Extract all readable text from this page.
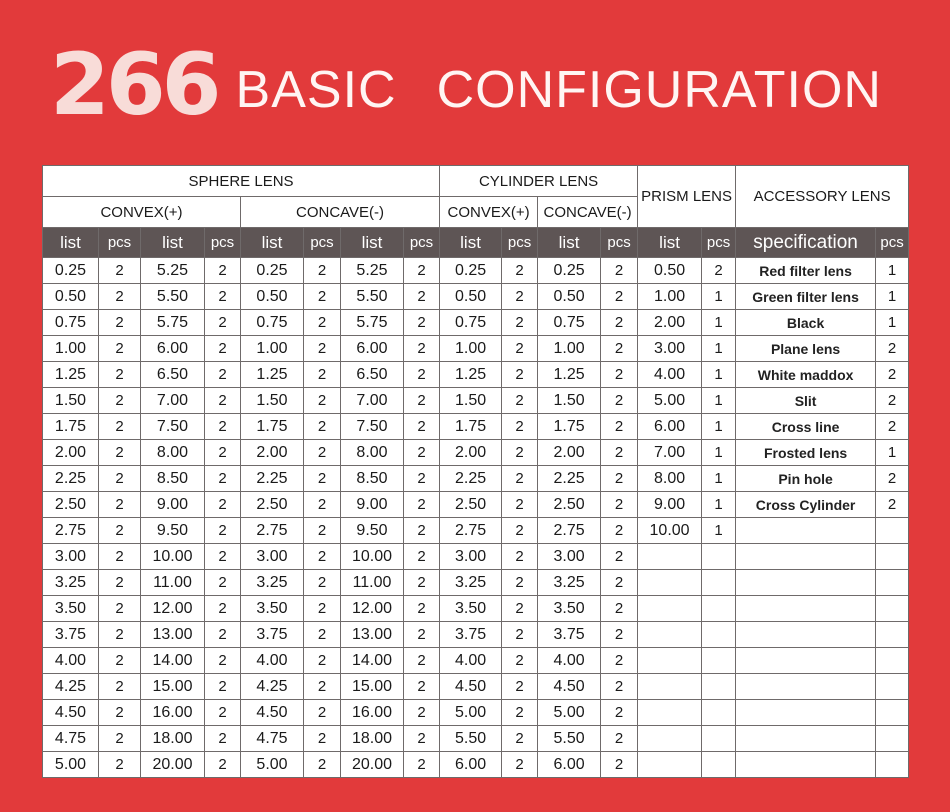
266 BASIC CONFIGURATION
SPHERE LENS								CYLINDER LENS				PRISM LENS		ACCESSORY LENS	
CONVEX(+)				CONCAVE(-)				CONVEX(+)		CONCAVE(-)					
list	pcs	list	pcs	list	pcs	list	pcs	list	pcs	list	pcs	list	pcs	specification	pcs
0.25	2	5.25	2	0.25	2	5.25	2	0.25	2	0.25	2	0.50	2	Red filter lens	1
0.50	2	5.50	2	0.50	2	5.50	2	0.50	2	0.50	2	1.00	1	Green filter lens	1
0.75	2	5.75	2	0.75	2	5.75	2	0.75	2	0.75	2	2.00	1	Black	1
1.00	2	6.00	2	1.00	2	6.00	2	1.00	2	1.00	2	3.00	1	Plane lens	2
1.25	2	6.50	2	1.25	2	6.50	2	1.25	2	1.25	2	4.00	1	White maddox	2
1.50	2	7.00	2	1.50	2	7.00	2	1.50	2	1.50	2	5.00	1	Slit	2
1.75	2	7.50	2	1.75	2	7.50	2	1.75	2	1.75	2	6.00	1	Cross line	2
2.00	2	8.00	2	2.00	2	8.00	2	2.00	2	2.00	2	7.00	1	Frosted lens	1
2.25	2	8.50	2	2.25	2	8.50	2	2.25	2	2.25	2	8.00	1	Pin hole	2
2.50	2	9.00	2	2.50	2	9.00	2	2.50	2	2.50	2	9.00	1	Cross Cylinder	2
2.75	2	9.50	2	2.75	2	9.50	2	2.75	2	2.75	2	10.00	1		
3.00	2	10.00	2	3.00	2	10.00	2	3.00	2	3.00	2				
3.25	2	11.00	2	3.25	2	11.00	2	3.25	2	3.25	2				
3.50	2	12.00	2	3.50	2	12.00	2	3.50	2	3.50	2				
3.75	2	13.00	2	3.75	2	13.00	2	3.75	2	3.75	2				
4.00	2	14.00	2	4.00	2	14.00	2	4.00	2	4.00	2				
4.25	2	15.00	2	4.25	2	15.00	2	4.50	2	4.50	2				
4.50	2	16.00	2	4.50	2	16.00	2	5.00	2	5.00	2				
4.75	2	18.00	2	4.75	2	18.00	2	5.50	2	5.50	2				
5.00	2	20.00	2	5.00	2	20.00	2	6.00	2	6.00	2				
